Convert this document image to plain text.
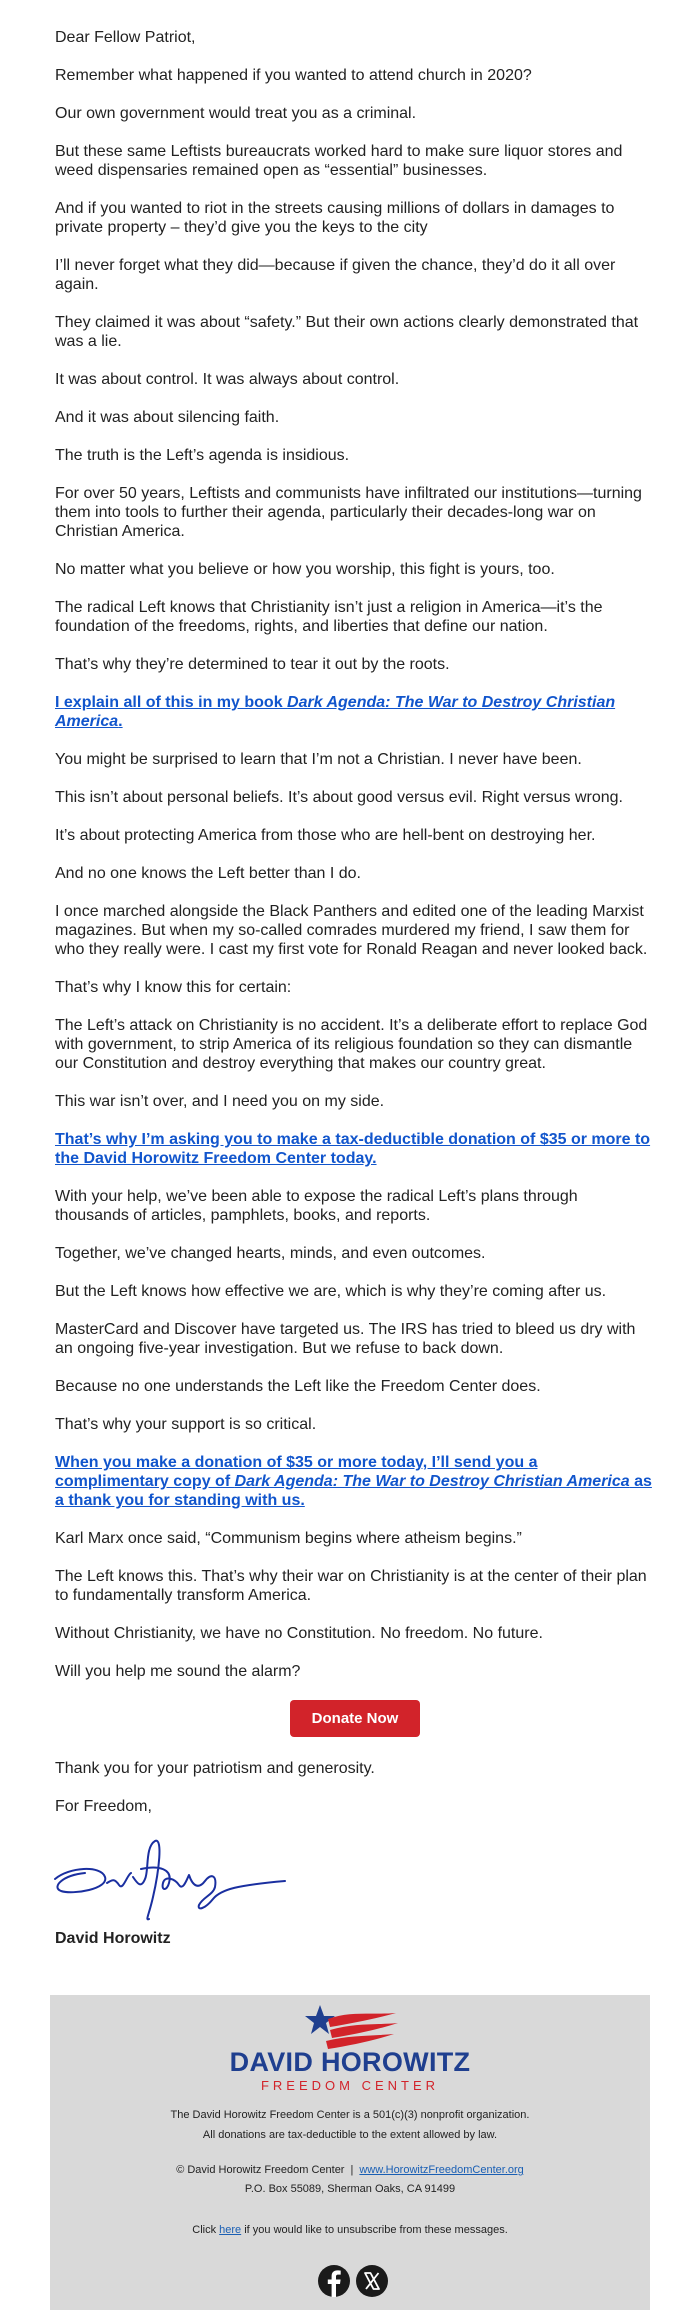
Dear Fellow Patriot,

Remember what happened if you wanted to attend church in 2020?

Our own government would treat you as a criminal.

But these same Leftists bureaucrats worked hard to make sure liquor stores and weed dispensaries remained open as “essential” businesses.

And if you wanted to riot in the streets causing millions of dollars in damages to private property – they’d give you the keys to the city

I’ll never forget what they did—because if given the chance, they’d do it all over again.

They claimed it was about “safety.” But their own actions clearly demonstrated that was a lie.

It was about control. It was always about control.

And it was about silencing faith.

The truth is the Left’s agenda is insidious.

For over 50 years, Leftists and communists have infiltrated our institutions—turning them into tools to further their agenda, particularly their decades-long war on Christian America.

No matter what you believe or how you worship, this fight is yours, too.

The radical Left knows that Christianity isn’t just a religion in America—it’s the foundation of the freedoms, rights, and liberties that define our nation.

That’s why they’re determined to tear it out by the roots.

I explain all of this in my book Dark Agenda: The War to Destroy Christian America.

You might be surprised to learn that I’m not a Christian. I never have been.

This isn’t about personal beliefs. It’s about good versus evil. Right versus wrong.

It’s about protecting America from those who are hell-bent on destroying her.

And no one knows the Left better than I do.

I once marched alongside the Black Panthers and edited one of the leading Marxist magazines. But when my so-called comrades murdered my friend, I saw them for who they really were. I cast my first vote for Ronald Reagan and never looked back.

That’s why I know this for certain:

The Left’s attack on Christianity is no accident. It’s a deliberate effort to replace God with government, to strip America of its religious foundation so they can dismantle our Constitution and destroy everything that makes our country great.

This war isn’t over, and I need you on my side.

That’s why I’m asking you to make a tax-deductible donation of $35 or more to the David Horowitz Freedom Center today.

With your help, we’ve been able to expose the radical Left’s plans through thousands of articles, pamphlets, books, and reports.

Together, we’ve changed hearts, minds, and even outcomes.

But the Left knows how effective we are, which is why they’re coming after us.

MasterCard and Discover have targeted us. The IRS has tried to bleed us dry with an ongoing five-year investigation. But we refuse to back down.

Because no one understands the Left like the Freedom Center does.

That’s why your support is so critical.

When you make a donation of $35 or more today, I’ll send you a complimentary copy of Dark Agenda: The War to Destroy Christian America as a thank you for standing with us.

Karl Marx once said, “Communism begins where atheism begins.”

The Left knows this. That’s why their war on Christianity is at the center of their plan to fundamentally transform America.

Without Christianity, we have no Constitution. No freedom. No future.

Will you help me sound the alarm?

Donate Now

Thank you for your patriotism and generosity.

For Freedom,

David Horowitz

DAVID HOROWITZ
FREEDOM CENTER
The David Horowitz Freedom Center is a 501(c)(3) nonprofit organization.
All donations are tax-deductible to the extent allowed by law.
© David Horowitz Freedom Center | www.HorowitzFreedomCenter.org
P.O. Box 55089, Sherman Oaks, CA 91499
Click here if you would like to unsubscribe from these messages.
